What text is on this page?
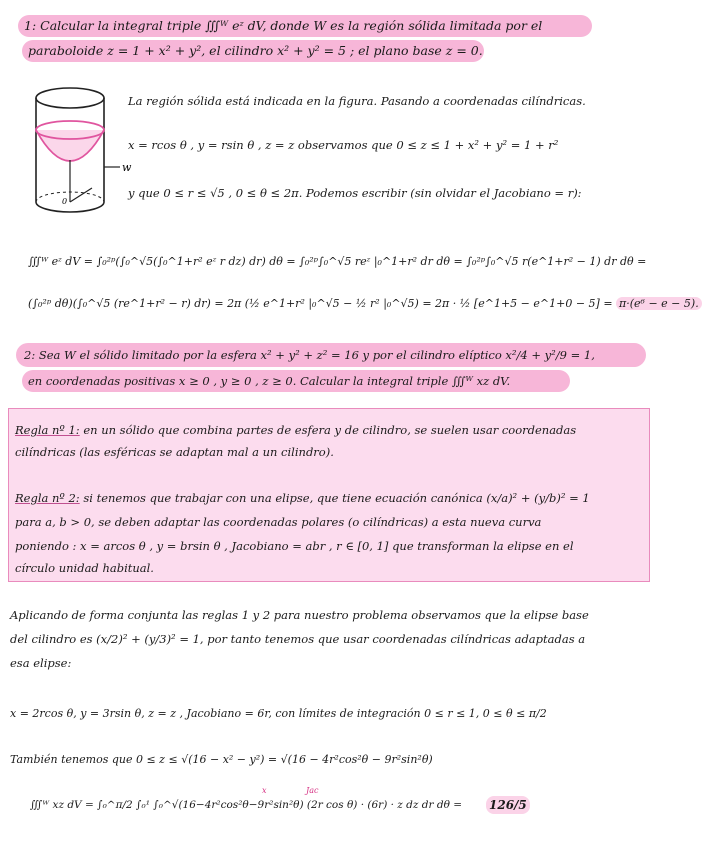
1: Calcular la integral triple ∭ᵂ eᶻ dV, donde W es la región sólida limitada por el
paraboloide z = 1 + x² + y², el cilindro x² + y² = 5 ; el plano base z = 0.
w
0
La región sólida está indicada en la figura. Pasando a coordenadas cilíndricas.
x = rcos θ , y = rsin θ , z = z observamos que 0 ≤ z ≤ 1 + x² + y² = 1 + r²
y que 0 ≤ r ≤ √5 , 0 ≤ θ ≤ 2π. Podemos escribir (sin olvidar el Jacobiano = r):
∭ᵂ eᶻ dV = ∫₀²ᵖ(∫₀^√5(∫₀^1+r² eᶻ r dz) dr) dθ = ∫₀²ᵖ∫₀^√5 reᶻ |₀^1+r² dr dθ = ∫₀²ᵖ∫₀^√5 r(e^1+r² − 1) dr dθ =
(∫₀²ᵖ dθ)(∫₀^√5 (re^1+r² − r) dr) = 2π (½ e^1+r² |₀^√5 − ½ r² |₀^√5) = 2π · ½ [e^1+5 − e^1+0 − 5] = π·(e⁶ − e − 5).
2: Sea W el sólido limitado por la esfera x² + y² + z² = 16 y por el cilindro elíptico x²/4 + y²/9 = 1,
en coordenadas positivas x ≥ 0 , y ≥ 0 , z ≥ 0. Calcular la integral triple ∭ᵂ xz dV.
Regla nº 1: en un sólido que combina partes de esfera y de cilindro, se suelen usar coordenadas
cilíndricas (las esféricas se adaptan mal a un cilindro).
Regla nº 2: si tenemos que trabajar con una elipse, que tiene ecuación canónica (x/a)² + (y/b)² = 1
para a, b > 0, se deben adaptar las coordenadas polares (o cilíndricas) a esta nueva curva
poniendo : x = arcos θ , y = brsin θ , Jacobiano = abr , r ∈ [0, 1] que transforman la elipse en el
círculo unidad habitual.
Aplicando de forma conjunta las reglas 1 y 2 para nuestro problema observamos que la elipse base
del cilindro es (x/2)² + (y/3)² = 1, por tanto tenemos que usar coordenadas cilíndricas adaptadas a
esa elipse:
x = 2rcos θ, y = 3rsin θ, z = z , Jacobiano = 6r, con límites de integración 0 ≤ r ≤ 1, 0 ≤ θ ≤ π/2
También tenemos que 0 ≤ z ≤ √(16 − x² − y²) = √(16 − 4r²cos²θ − 9r²sin²θ)
x	Jac
∭ᵂ xz dV = ∫₀^π/2 ∫₀¹ ∫₀^√(16−4r²cos²θ−9r²sin²θ) (2r cos θ) · (6r) · z dz dr dθ = 126/5
